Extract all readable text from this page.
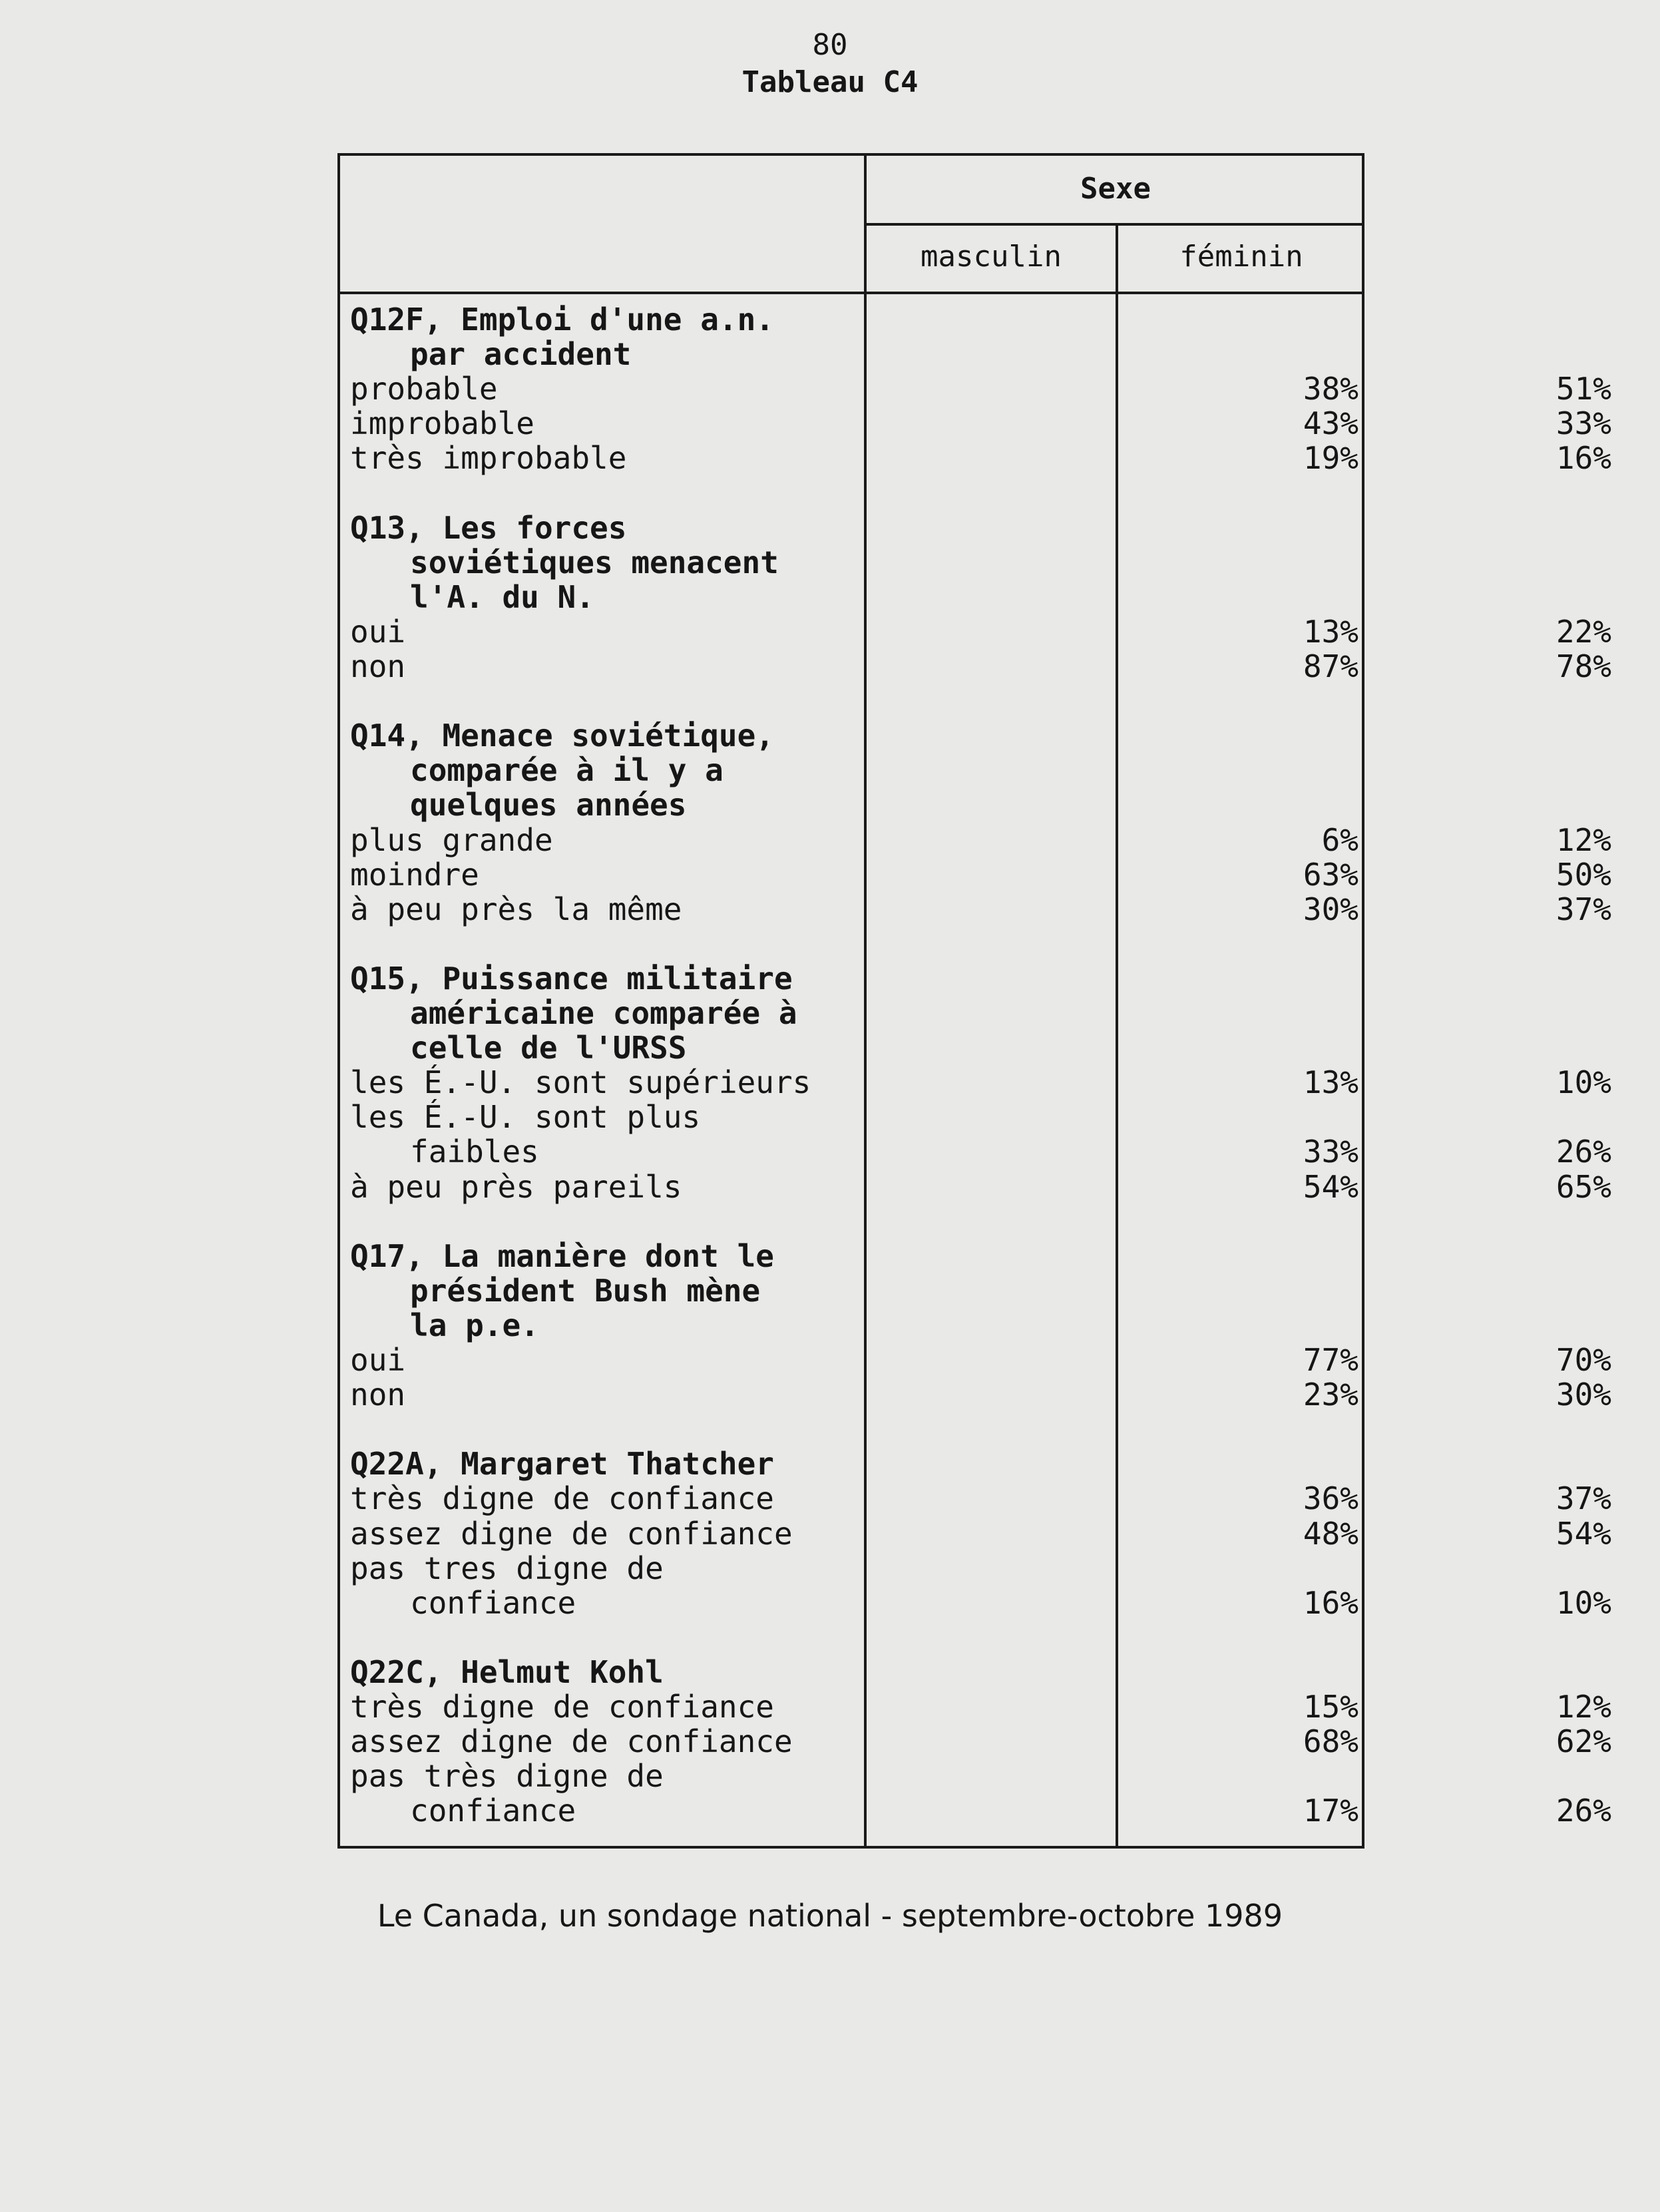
80
Tableau C4
Sexe
masculin	féminin
Q12F, Emploi d'une a.n.
par accident
probable	38%	51%
improbable	43%	33%
très improbable	19%	16%
Q13, Les forces
soviétiques menacent
l'A. du N.
oui	13%	22%
non	87%	78%
Q14, Menace soviétique,
comparée à il y a
quelques années
plus grande	6%	12%
moindre	63%	50%
à peu près la même	30%	37%
Q15, Puissance militaire
américaine comparée à
celle de l'URSS
les É.-U. sont supérieurs	13%	10%
les É.-U. sont plus
faibles	33%	26%
à peu près pareils	54%	65%
Q17, La manière dont le
président Bush mène
la p.e.
oui	77%	70%
non	23%	30%
Q22A, Margaret Thatcher
très digne de confiance	36%	37%
assez digne de confiance	48%	54%
pas tres digne de
confiance	16%	10%
Q22C, Helmut Kohl
très digne de confiance	15%	12%
assez digne de confiance	68%	62%
pas très digne de
confiance	17%	26%
Le Canada, un sondage national - septembre-octobre 1989
